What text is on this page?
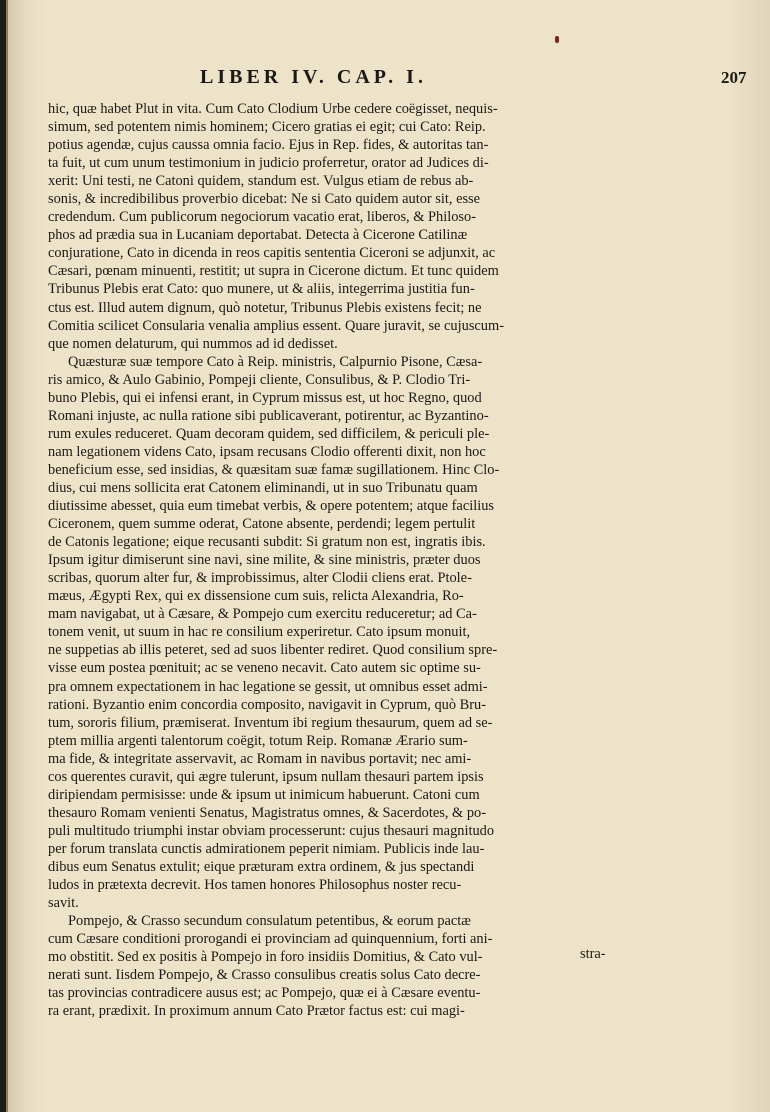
LIBER IV. CAP. I.	207
hic, quæ habet Plut in vita. Cum Cato Clodium Urbe cedere coëgisset, nequis-
simum, sed potentem nimis hominem; Cicero gratias ei egit; cui Cato: Reip.
potius agendæ, cujus caussa omnia facio. Ejus in Rep. fides, & autoritas tan-
ta fuit, ut cum unum testimonium in judicio proferretur, orator ad Judices di-
xerit: Uni testi, ne Catoni quidem, standum est. Vulgus etiam de rebus ab-
sonis, & incredibilibus proverbio dicebat: Ne si Cato quidem autor sit, esse
credendum. Cum publicorum negociorum vacatio erat, liberos, & Philoso-
phos ad prædia sua in Lucaniam deportabat. Detecta à Cicerone Catilinæ
conjuratione, Cato in dicenda in reos capitis sententia Ciceroni se adjunxit, ac
Cæsari, pœnam minuenti, restitit; ut supra in Cicerone dictum. Et tunc quidem
Tribunus Plebis erat Cato: quo munere, ut & aliis, integerrima justitia fun-
ctus est. Illud autem dignum, quò notetur, Tribunus Plebis existens fecit; ne
Comitia scilicet Consularia venalia amplius essent. Quare juravit, se cujuscum-
que nomen delaturum, qui nummos ad id dedisset.
Quæsturæ suæ tempore Cato à Reip. ministris, Calpurnio Pisone, Cæsa-
ris amico, & Aulo Gabinio, Pompeji cliente, Consulibus, & P. Clodio Tri-
buno Plebis, qui ei infensi erant, in Cyprum missus est, ut hoc Regno, quod
Romani injuste, ac nulla ratione sibi publicaverant, potirentur, ac Byzantino-
rum exules reduceret. Quam decoram quidem, sed difficilem, & periculi ple-
nam legationem videns Cato, ipsam recusans Clodio offerenti dixit, non hoc
beneficium esse, sed insidias, & quæsitam suæ famæ sugillationem. Hinc Clo-
dius, cui mens sollicita erat Catonem eliminandi, ut in suo Tribunatu quam
diutissime abesset, quia eum timebat verbis, & opere potentem; atque facilius
Ciceronem, quem summe oderat, Catone absente, perdendi; legem pertulit
de Catonis legatione; eique recusanti subdit: Si gratum non est, ingratis ibis.
Ipsum igitur dimiserunt sine navi, sine milite, & sine ministris, præter duos
scribas, quorum alter fur, & improbissimus, alter Clodii cliens erat. Ptole-
mæus, Ægypti Rex, qui ex dissensione cum suis, relicta Alexandria, Ro-
mam navigabat, ut à Cæsare, & Pompejo cum exercitu reduceretur; ad Ca-
tonem venit, ut suum in hac re consilium experiretur. Cato ipsum monuit,
ne suppetias ab illis peteret, sed ad suos libenter rediret. Quod consilium spre-
visse eum postea pœnituit; ac se veneno necavit. Cato autem sic optime su-
pra omnem expectationem in hac legatione se gessit, ut omnibus esset admi-
rationi. Byzantio enim concordia composito, navigavit in Cyprum, quò Bru-
tum, sororis filium, præmiserat. Inventum ibi regium thesaurum, quem ad se-
ptem millia argenti talentorum coëgit, totum Reip. Romanæ Ærario sum-
ma fide, & integritate asservavit, ac Romam in navibus portavit; nec ami-
cos querentes curavit, qui ægre tulerunt, ipsum nullam thesauri partem ipsis
diripiendam permisisse: unde & ipsum ut inimicum habuerunt. Catoni cum
thesauro Romam venienti Senatus, Magistratus omnes, & Sacerdotes, & po-
puli multitudo triumphi instar obviam processerunt: cujus thesauri magnitudo
per forum translata cunctis admirationem peperit nimiam. Publicis inde lau-
dibus eum Senatus extulit; eique præturam extra ordinem, & jus spectandi
ludos in prætexta decrevit. Hos tamen honores Philosophus noster recu-
savit.
Pompejo, & Crasso secundum consulatum petentibus, & eorum pactæ
cum Cæsare conditioni prorogandi ei provinciam ad quinquennium, forti ani-
mo obstitit. Sed ex positis à Pompejo in foro insidiis Domitius, & Cato vul-
nerati sunt. Iisdem Pompejo, & Crasso consulibus creatis solus Cato decre-
tas provincias contradicere ausus est; ac Pompejo, quæ ei à Cæsare eventu-
ra erant, prædixit. In proximum annum Cato Prætor factus est: cui magi-
stra-
